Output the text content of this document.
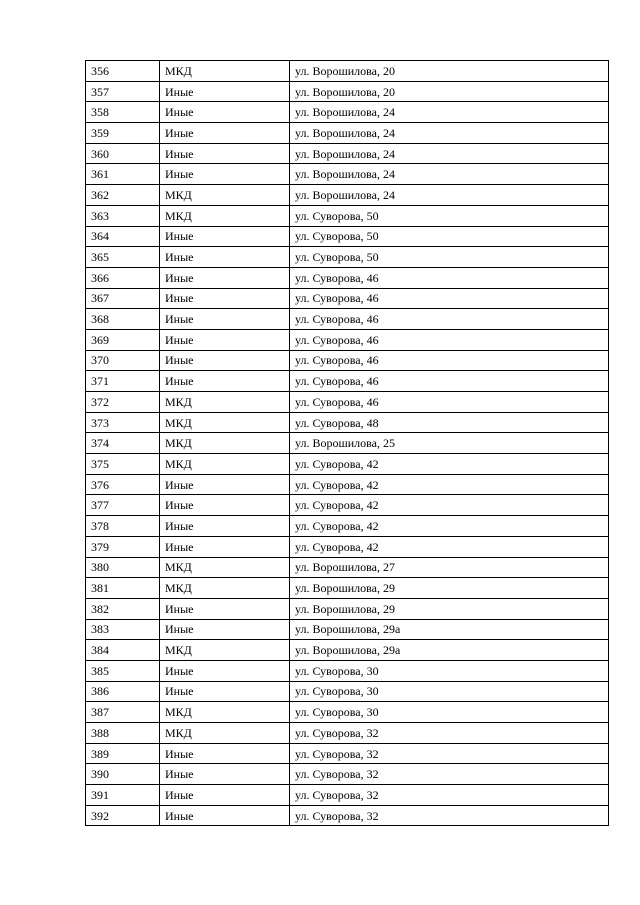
356	МКД	ул. Ворошилова, 20
357	Иные	ул. Ворошилова, 20
358	Иные	ул. Ворошилова, 24
359	Иные	ул. Ворошилова, 24
360	Иные	ул. Ворошилова, 24
361	Иные	ул. Ворошилова, 24
362	МКД	ул. Ворошилова, 24
363	МКД	ул. Суворова, 50
364	Иные	ул. Суворова, 50
365	Иные	ул. Суворова, 50
366	Иные	ул. Суворова, 46
367	Иные	ул. Суворова, 46
368	Иные	ул. Суворова, 46
369	Иные	ул. Суворова, 46
370	Иные	ул. Суворова, 46
371	Иные	ул. Суворова, 46
372	МКД	ул. Суворова, 46
373	МКД	ул. Суворова, 48
374	МКД	ул. Ворошилова, 25
375	МКД	ул. Суворова, 42
376	Иные	ул. Суворова, 42
377	Иные	ул. Суворова, 42
378	Иные	ул. Суворова, 42
379	Иные	ул. Суворова, 42
380	МКД	ул. Ворошилова, 27
381	МКД	ул. Ворошилова, 29
382	Иные	ул. Ворошилова, 29
383	Иные	ул. Ворошилова, 29а
384	МКД	ул. Ворошилова, 29а
385	Иные	ул. Суворова, 30
386	Иные	ул. Суворова, 30
387	МКД	ул. Суворова, 30
388	МКД	ул. Суворова, 32
389	Иные	ул. Суворова, 32
390	Иные	ул. Суворова, 32
391	Иные	ул. Суворова, 32
392	Иные	ул. Суворова, 32
